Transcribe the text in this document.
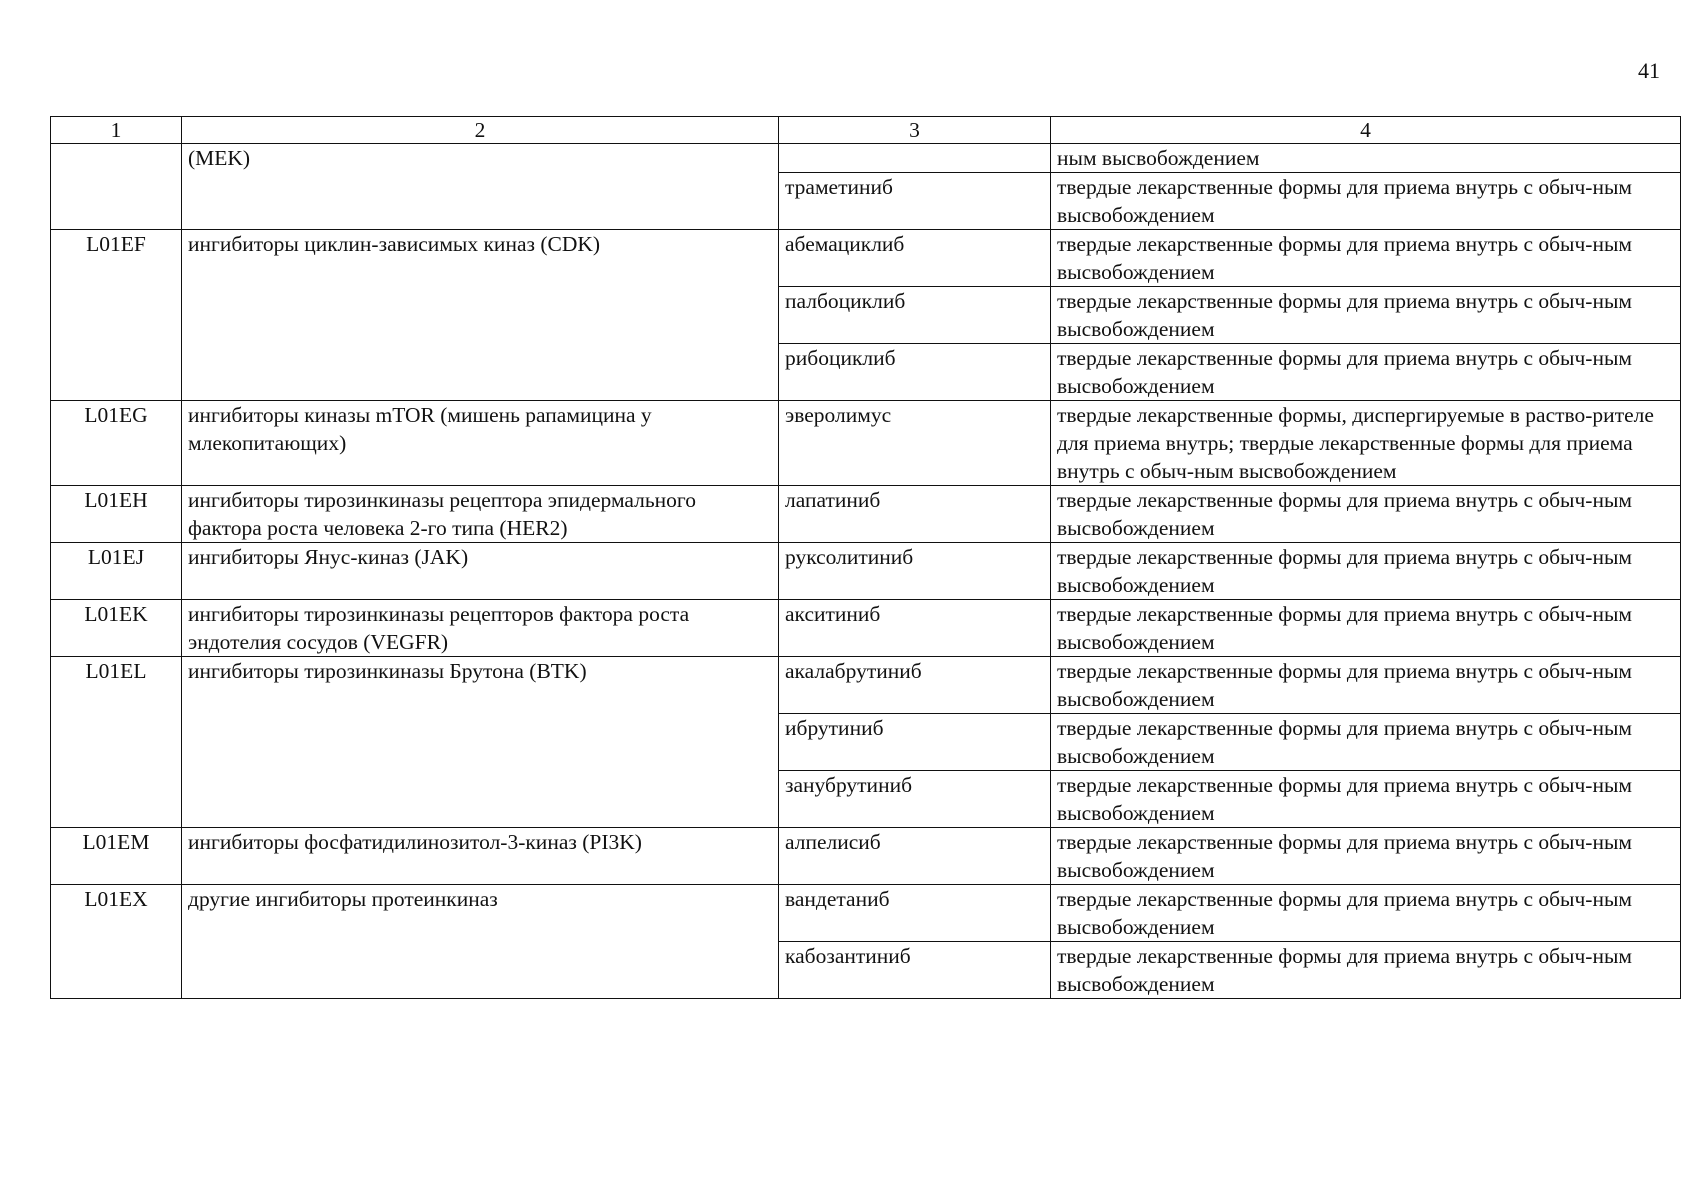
41
1	2	3	4
	(MEK)		ным высвобождением
		траметиниб	твердые лекарственные формы для приема внутрь с обыч-ным высвобождением
L01EF	ингибиторы циклин-зависимых киназ (CDK)	абемациклиб	твердые лекарственные формы для приема внутрь с обыч-ным высвобождением
		палбоциклиб	твердые лекарственные формы для приема внутрь с обыч-ным высвобождением
		рибоциклиб	твердые лекарственные формы для приема внутрь с обыч-ным высвобождением
L01EG	ингибиторы киназы mTOR (мишень рапамицина у млекопитающих)	эверолимус	твердые лекарственные формы, диспергируемые в раство-рителе для приема внутрь; твердые лекарственные формы для приема внутрь с обыч-ным высвобождением
L01EH	ингибиторы тирозинкиназы рецептора эпидермального фактора роста человека 2-го типа (HER2)	лапатиниб	твердые лекарственные формы для приема внутрь с обыч-ным высвобождением
L01EJ	ингибиторы Янус-киназ (JAK)	руксолитиниб	твердые лекарственные формы для приема внутрь с обыч-ным высвобождением
L01EK	ингибиторы тирозинкиназы рецепторов фактора роста эндотелия сосудов (VEGFR)	акситиниб	твердые лекарственные формы для приема внутрь с обыч-ным высвобождением
L01EL	ингибиторы тирозинкиназы Брутона (BTK)	акалабрутиниб	твердые лекарственные формы для приема внутрь с обыч-ным высвобождением
		ибрутиниб	твердые лекарственные формы для приема внутрь с обыч-ным высвобождением
		занубрутиниб	твердые лекарственные формы для приема внутрь с обыч-ным высвобождением
L01EM	ингибиторы фосфатидилинозитол-3-киназ (PI3K)	алпелисиб	твердые лекарственные формы для приема внутрь с обыч-ным высвобождением
L01EX	другие ингибиторы протеинкиназ	вандетаниб	твердые лекарственные формы для приема внутрь с обыч-ным высвобождением
		кабозантиниб	твердые лекарственные формы для приема внутрь с обыч-ным высвобождением
